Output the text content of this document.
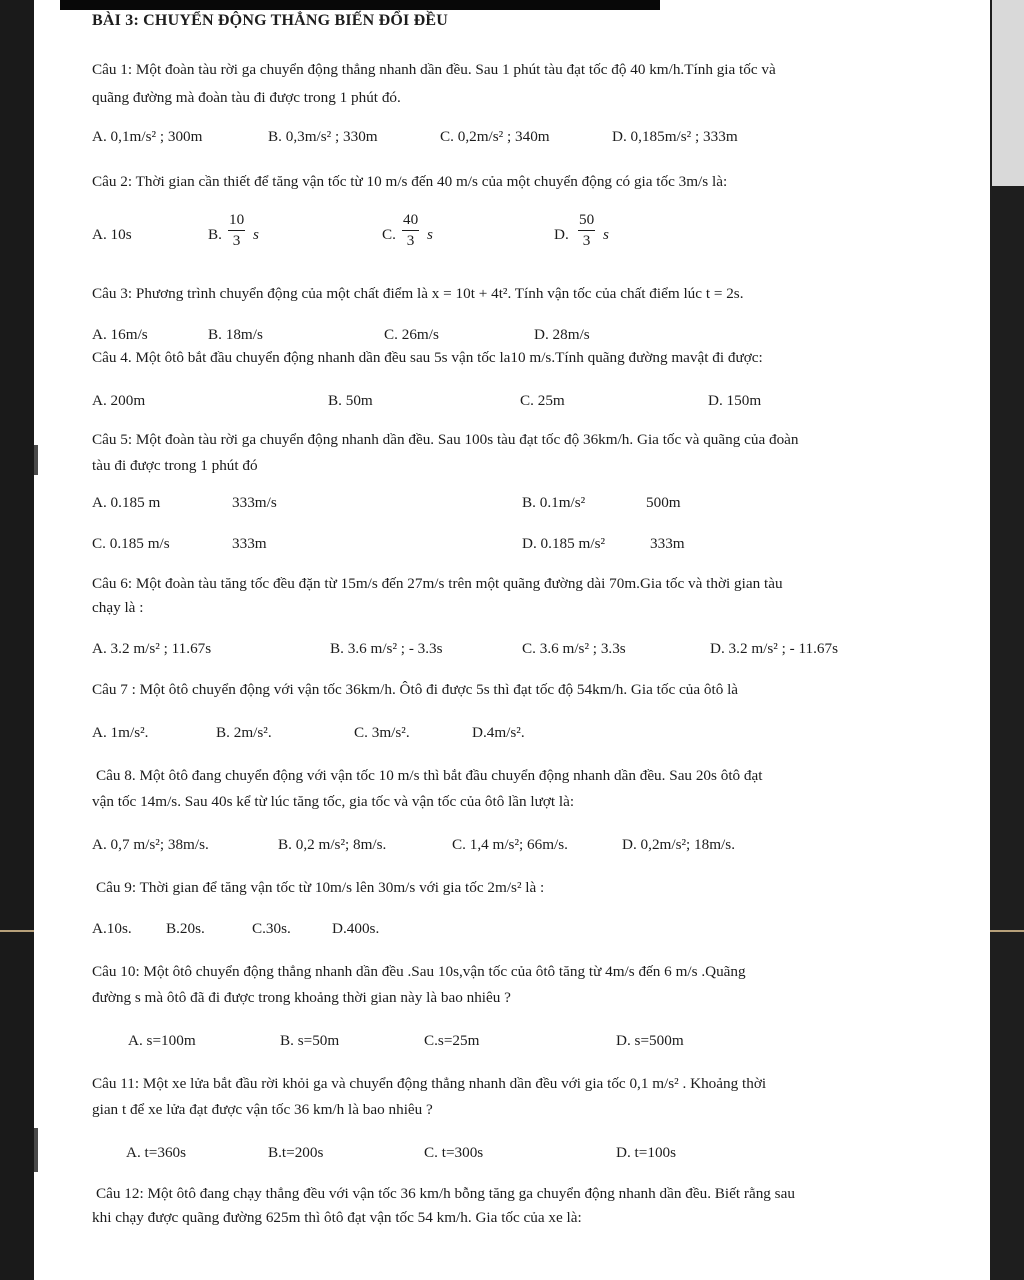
BÀI 3: CHUYỂN ĐỘNG THẲNG BIẾN ĐỔI ĐỀU
Câu 1: Một đoàn tàu rời ga chuyển động thẳng nhanh dần đều. Sau 1 phút tàu đạt tốc độ 40 km/h.Tính gia tốc và
quãng đường mà đoàn tàu đi được trong 1 phút đó.
A. 0,1m/s² ; 300m	B. 0,3m/s² ; 330m	C. 0,2m/s² ; 340m	D. 0,185m/s² ; 333m
Câu 2: Thời gian cần thiết để tăng vận tốc từ 10 m/s đến 40 m/s của một chuyển động có gia tốc 3m/s là:
A. 10s	B. $\frac{10}{3}$ s	C. $\frac{40}{3}$ s	D. $\frac{50}{3}$ s
Câu 3: Phương trình chuyển động của một chất điểm là x = 10t + 4t². Tính vận tốc của chất điểm lúc t = 2s.
A. 16m/s	B. 18m/s	C. 26m/s	D. 28m/s
Câu 4. Một ôtô bắt đầu chuyển động nhanh dần đều sau 5s vận tốc la10 m/s.Tính quãng đường mavật đi được:
A. 200m	B. 50m	C. 25m	D. 150m
Câu 5: Một đoàn tàu rời ga chuyển động nhanh dần đều. Sau 100s tàu đạt tốc độ 36km/h. Gia tốc và quãng của đoàn
tàu đi được trong 1 phút đó
A. 0.185 m	333m/s	B. 0.1m/s²	500m
C. 0.185 m/s	333m	D. 0.185 m/s²	333m
Câu 6: Một đoàn tàu tăng tốc đều đặn từ 15m/s đến 27m/s trên một quãng đường dài 70m.Gia tốc và thời gian tàu
chạy là :
A. 3.2 m/s² ; 11.67s	B. 3.6 m/s² ; - 3.3s	C. 3.6 m/s² ; 3.3s	D. 3.2 m/s² ; - 11.67s
Câu 7 : Một ôtô chuyển động với vận tốc 36km/h. Ôtô đi được 5s thì đạt tốc độ 54km/h. Gia tốc của ôtô là
A. 1m/s².	B. 2m/s².	C. 3m/s².	D.4m/s².
Câu 8. Một ôtô đang chuyển động với vận tốc 10 m/s thì bắt đầu chuyển động nhanh dần đều. Sau 20s ôtô đạt
vận tốc 14m/s. Sau 40s kể từ lúc tăng tốc, gia tốc và vận tốc của ôtô lần lượt là:
A. 0,7 m/s²; 38m/s.	B. 0,2 m/s²; 8m/s.	C. 1,4 m/s²; 66m/s.	D. 0,2m/s²; 18m/s.
Câu 9: Thời gian để tăng vận tốc từ 10m/s lên 30m/s với gia tốc 2m/s² là :
A.10s. B.20s.	C.30s.	D.400s.
Câu 10: Một ôtô chuyển động thẳng nhanh dần đều .Sau 10s,vận tốc của ôtô tăng từ 4m/s đến 6 m/s .Quãng
đường s mà ôtô đã đi được trong khoảng thời gian này là bao nhiêu ?
A. s=100m	B. s=50m	C.s=25m	D. s=500m
Câu 11: Một xe lửa bắt đầu rời khỏi ga và chuyển động thẳng nhanh dần đều với gia tốc 0,1 m/s² . Khoảng thời
gian t để xe lửa đạt được vận tốc 36 km/h là bao nhiêu ?
A. t=360s	B.t=200s	C. t=300s	D. t=100s
Câu 12: Một ôtô đang chạy thẳng đều với vận tốc 36 km/h bỗng tăng ga chuyển động nhanh dần đều. Biết rằng sau
khi chạy được quãng đường 625m thì ôtô đạt vận tốc 54 km/h. Gia tốc của xe là:
